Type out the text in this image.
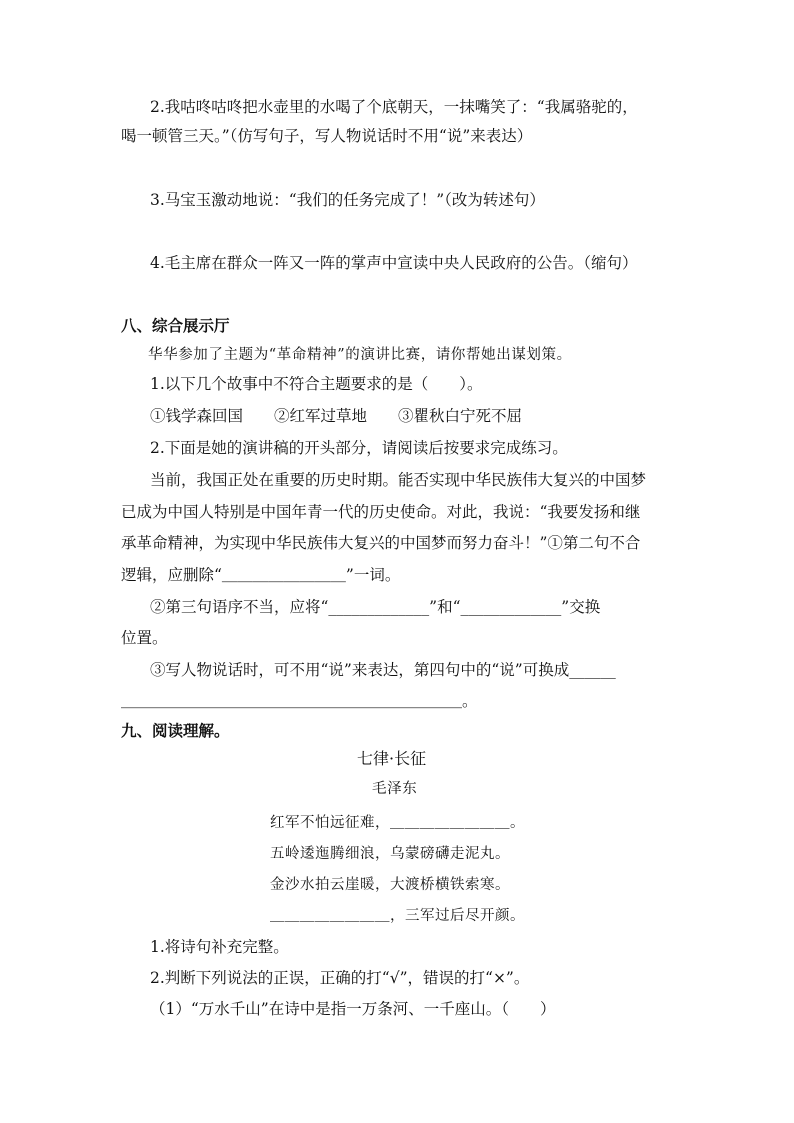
2.我咕咚咕咚把水壶里的水喝了个底朝天，一抹嘴笑了：“我属骆驼的，
喝一顿管三天。”（仿写句子，写人物说话时不用“说”来表达）
3.马宝玉激动地说：“我们的任务完成了！”（改为转述句）
4.毛主席在群众一阵又一阵的掌声中宣读中央人民政府的公告。（缩句）
八、综合展示厅
华华参加了主题为“革命精神”的演讲比赛，请你帮她出谋划策。
1.以下几个故事中不符合主题要求的是（　　）。
①钱学森回国　　②红军过草地　　③瞿秋白宁死不屈
2.下面是她的演讲稿的开头部分，请阅读后按要求完成练习。
当前，我国正处在重要的历史时期。能否实现中华民族伟大复兴的中国梦
已成为中国人特别是中国年青一代的历史使命。对此，我说：“我要发扬和继
承革命精神，为实现中华民族伟大复兴的中国梦而努力奋斗！”①第二句不合
逻辑，应删除“＿＿＿＿＿＿＿＿”一词。
②第三句语序不当，应将“_____________”和“_____________”交换
位置。
③写人物说话时，可不用“说”来表达，第四句中的“说”可换成______
＿＿＿＿＿＿＿＿＿＿＿＿＿＿＿＿＿＿＿＿＿＿。
九、阅读理解。
七律·长征
毛泽东
红军不怕远征难，＿＿＿＿＿＿＿＿。
五岭逶迤腾细浪，乌蒙磅礴走泥丸。
金沙水拍云崖暖，大渡桥横铁索寒。
＿＿＿＿＿＿＿＿，三军过后尽开颜。
1.将诗句补充完整。
2.判断下列说法的正误，正确的打“√”，错误的打“×”。
（1）“万水千山”在诗中是指一万条河、一千座山。（　　）
